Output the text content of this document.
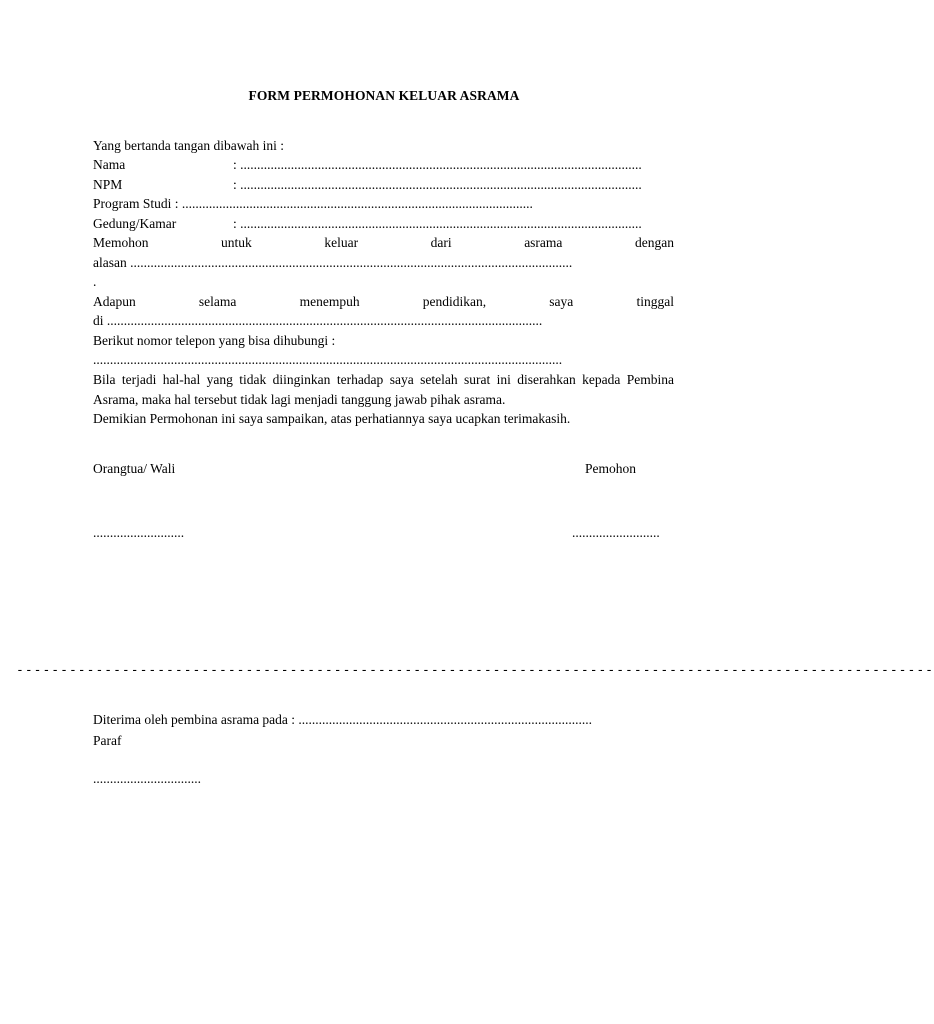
FORM PERMOHONAN KELUAR ASRAMA
Yang bertanda tangan dibawah ini :
Nama	: .......................................................................................................................
NPM	: .......................................................................................................................
Program Studi : ........................................................................................................
Gedung/Kamar	: .......................................................................................................................
Memohon	untuk	keluar	dari	asrama	dengan
alasan ...................................................................................................................................
.
Adapun	selama	menempuh	pendidikan,	saya	tinggal
di .................................................................................................................................
Berikut nomor telepon yang bisa dihubungi :
...........................................................................................................................................
Bila terjadi hal-hal yang tidak diinginkan terhadap saya setelah surat ini diserahkan kepada Pembina Asrama, maka hal tersebut tidak lagi menjadi tanggung jawab pihak asrama.
Demikian Permohonan ini saya sampaikan, atas perhatiannya saya ucapkan terimakasih.
Orangtua/ Wali	Pemohon
...........................	..........................
--------------------------------------------------------------------------------------------------------
Diterima oleh pembina asrama pada : .......................................................................................
Paraf
................................
